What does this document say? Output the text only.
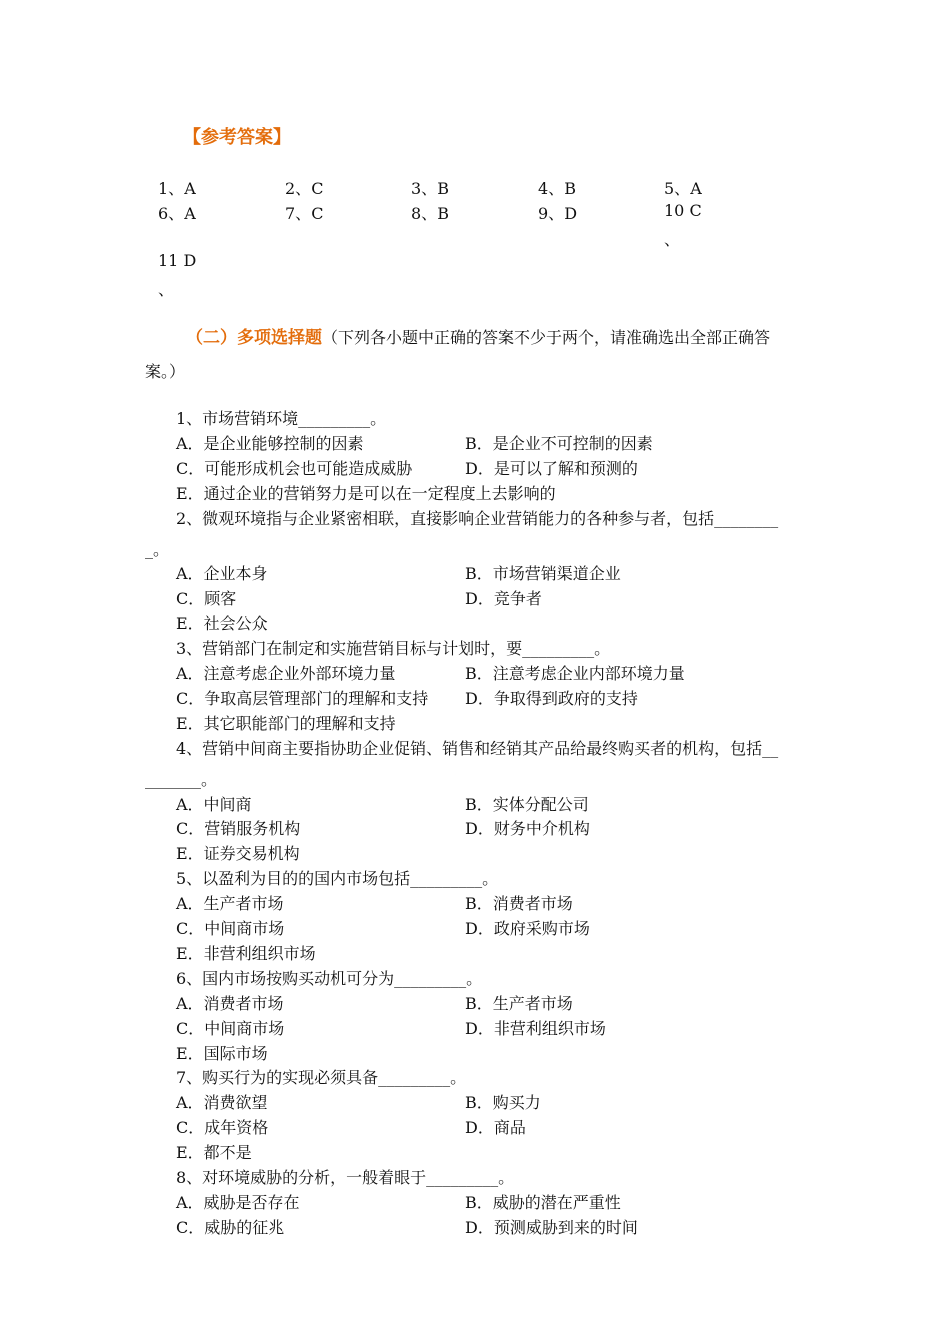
【参考答案】
1、A	2、C	3、B	4、B	5、A
6、A	7、C	8、B	9、D	10 C
、
11 D
、
（二）多项选择题（下列各小题中正确的答案不少于两个，请准确选出全部正确答
案。）
1、市场营销环境_________。
A．是企业能够控制的因素	B．是企业不可控制的因素
C．可能形成机会也可能造成威胁	D．是可以了解和预测的
E．通过企业的营销努力是可以在一定程度上去影响的
2、微观环境指与企业紧密相联，直接影响企业营销能力的各种参与者，包括________
_。
A．企业本身	B．市场营销渠道企业
C．顾客	D．竞争者
E．社会公众
3、营销部门在制定和实施营销目标与计划时，要_________。
A．注意考虑企业外部环境力量	B．注意考虑企业内部环境力量
C．争取高层管理部门的理解和支持 D．争取得到政府的支持
E．其它职能部门的理解和支持
4、营销中间商主要指协助企业促销、销售和经销其产品给最终购买者的机构，包括__
_______。
A．中间商	B．实体分配公司
C．营销服务机构	D．财务中介机构
E．证券交易机构
5、以盈利为目的的国内市场包括_________。
A．生产者市场	B．消费者市场
C．中间商市场	D．政府采购市场
E．非营利组织市场
6、国内市场按购买动机可分为_________。
A．消费者市场	B．生产者市场
C．中间商市场	D．非营利组织市场
E．国际市场
7、购买行为的实现必须具备_________。
A．消费欲望	B．购买力
C．成年资格	D．商品
E．都不是
8、对环境威胁的分析，一般着眼于_________。
A．威胁是否存在	B．威胁的潜在严重性
C．威胁的征兆	D．预测威胁到来的时间
